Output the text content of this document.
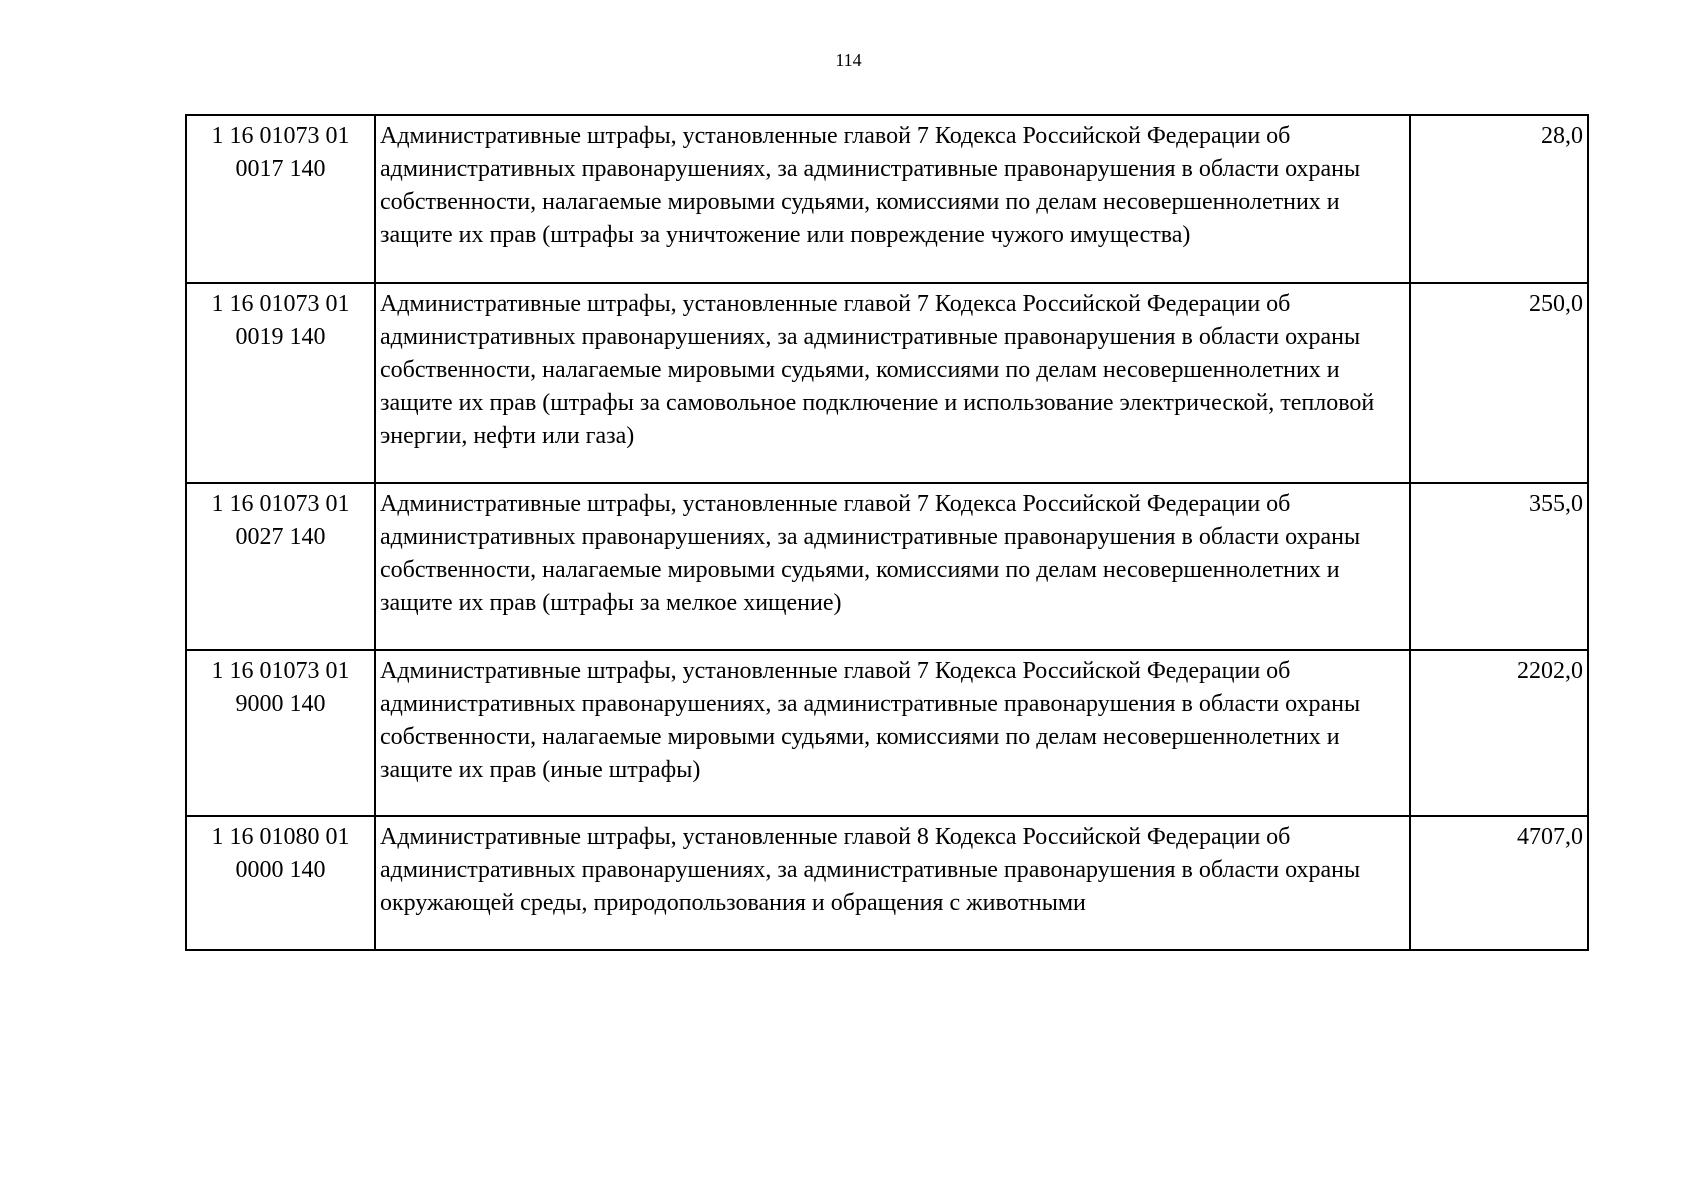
114
1 16 01073 01 0017 140	Административные штрафы, установленные главой 7 Кодекса Российской Федерации об административных правонарушениях, за административные правонарушения в области охраны собственности, налагаемые мировыми судьями, комиссиями по делам несовершеннолетних и защите их прав (штрафы за уничтожение или повреждение чужого имущества)	28,0
1 16 01073 01 0019 140	Административные штрафы, установленные главой 7 Кодекса Российской Федерации об административных правонарушениях, за административные правонарушения в области охраны собственности, налагаемые мировыми судьями, комиссиями по делам несовершеннолетних и защите их прав (штрафы за самовольное подключение и использование электрической, тепловой энергии, нефти или газа)	250,0
1 16 01073 01 0027 140	Административные штрафы, установленные главой 7 Кодекса Российской Федерации об административных правонарушениях, за административные правонарушения в области охраны собственности, налагаемые мировыми судьями, комиссиями по делам несовершеннолетних и защите их прав (штрафы за мелкое хищение)	355,0
1 16 01073 01 9000 140	Административные штрафы, установленные главой 7 Кодекса Российской Федерации об административных правонарушениях, за административные правонарушения в области охраны собственности, налагаемые мировыми судьями, комиссиями по делам несовершеннолетних и защите их прав (иные штрафы)	2202,0
1 16 01080 01 0000 140	Административные штрафы, установленные главой 8 Кодекса Российской Федерации об административных правонарушениях, за административные правонарушения в области охраны окружающей среды, природопользования и обращения с животными	4707,0
